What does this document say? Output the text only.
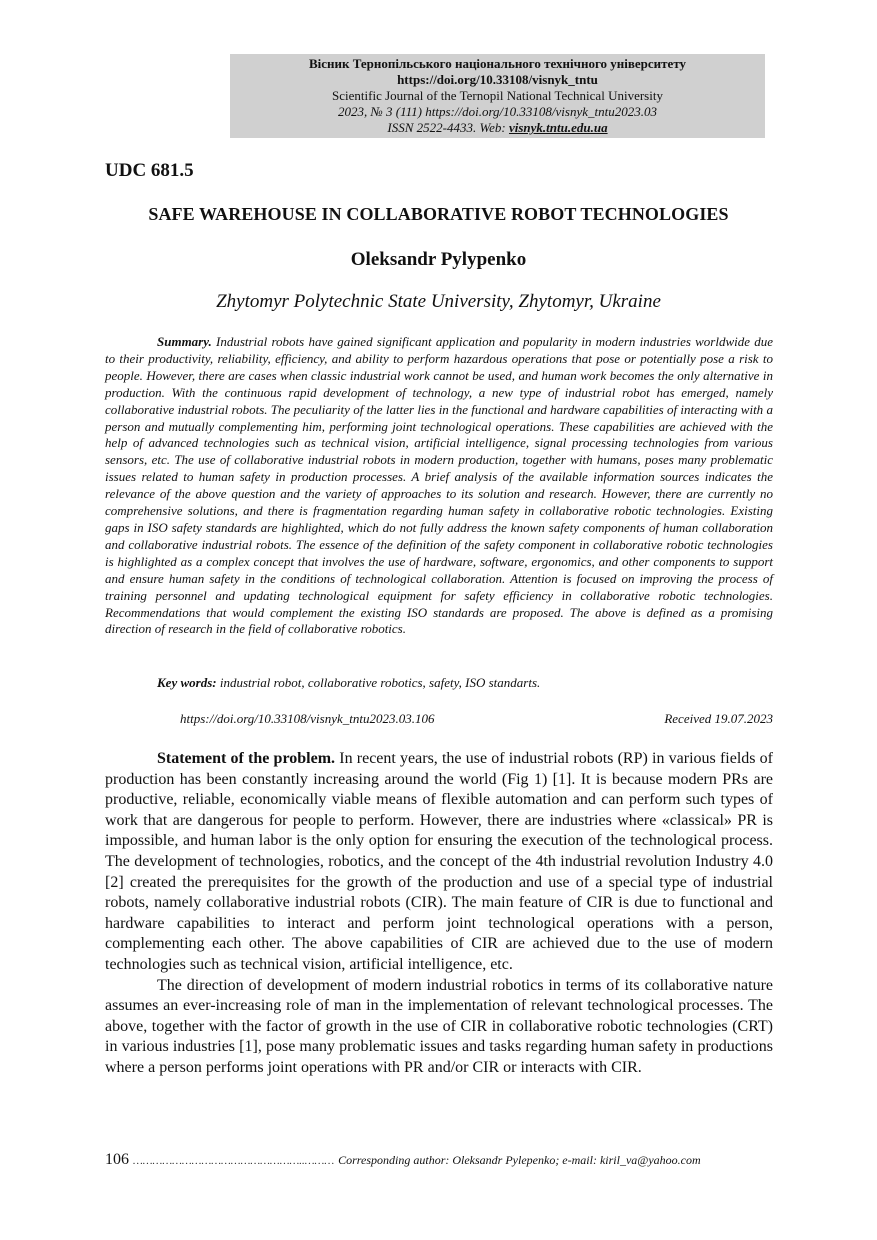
Вісник Тернопільського національного технічного університету
https://doi.org/10.33108/visnyk_tntu
Scientific Journal of the Ternopil National Technical University
2023, № 3 (111) https://doi.org/10.33108/visnyk_tntu2023.03
ISSN 2522-4433. Web: visnyk.tntu.edu.ua
UDC 681.5
SAFE WAREHOUSE IN COLLABORATIVE ROBOT TECHNOLOGIES
Oleksandr Pylypenko
Zhytomyr Polytechnic State University, Zhytomyr, Ukraine

Summary. Industrial robots have gained significant application and popularity in modern industries worldwide due to their productivity, reliability, efficiency, and ability to perform hazardous operations that pose or potentially pose a risk to people. However, there are cases when classic industrial work cannot be used, and human work becomes the only alternative in production. With the continuous rapid development of technology, a new type of industrial robot has emerged, namely collaborative industrial robots. The peculiarity of the latter lies in the functional and hardware capabilities of interacting with a person and mutually complementing him, performing joint technological operations. These capabilities are achieved with the help of advanced technologies such as technical vision, artificial intelligence, signal processing technologies from various sensors, etc. The use of collaborative industrial robots in modern production, together with humans, poses many problematic issues related to human safety in production processes. A brief analysis of the available information sources indicates the relevance of the above question and the variety of approaches to its solution and research. However, there are currently no comprehensive solutions, and there is fragmentation regarding human safety in collaborative robotic technologies. Existing gaps in ISO safety standards are highlighted, which do not fully address the known safety components of human collaboration and collaborative industrial robots. The essence of the definition of the safety component in collaborative robotic technologies is highlighted as a complex concept that involves the use of hardware, software, ergonomics, and other components to support and ensure human safety in the conditions of technological collaboration. Attention is focused on improving the process of training personnel and updating technological equipment for safety efficiency in collaborative robotic technologies. Recommendations that would complement the existing ISO standards are proposed. The above is defined as a promising direction of research in the field of collaborative robotics.

Key words: industrial robot, collaborative robotics, safety, ISO standarts.

https://doi.org/10.33108/visnyk_tntu2023.03.106	Received 19.07.2023

Statement of the problem. In recent years, the use of industrial robots (RP) in various fields of production has been constantly increasing around the world (Fig 1) [1]. It is because modern PRs are productive, reliable, economically viable means of flexible automation and can perform such types of work that are dangerous for people to perform. However, there are industries where «classical» PR is impossible, and human labor is the only option for ensuring the execution of the technological process. The development of technologies, robotics, and the concept of the 4th industrial revolution Industry 4.0 [2] created the prerequisites for the growth of the production and use of a special type of industrial robots, namely collaborative industrial robots (CIR). The main feature of CIR is due to functional and hardware capabilities to interact and perform joint technological operations with a person, complementing each other. The above capabilities of CIR are achieved due to the use of modern technologies such as technical vision, artificial intelligence, etc.

The direction of development of modern industrial robotics in terms of its collaborative nature assumes an ever-increasing role of man in the implementation of relevant technological processes. The above, together with the factor of growth in the use of CIR in collaborative robotic technologies (CRT) in various industries [1], pose many problematic issues and tasks regarding human safety in productions where a person performs joint operations with PR and/or CIR or interacts with CIR.

106 ……………………………………………..……… Corresponding author: Oleksandr Pylepenko; e-mail: kiril_va@yahoo.com
